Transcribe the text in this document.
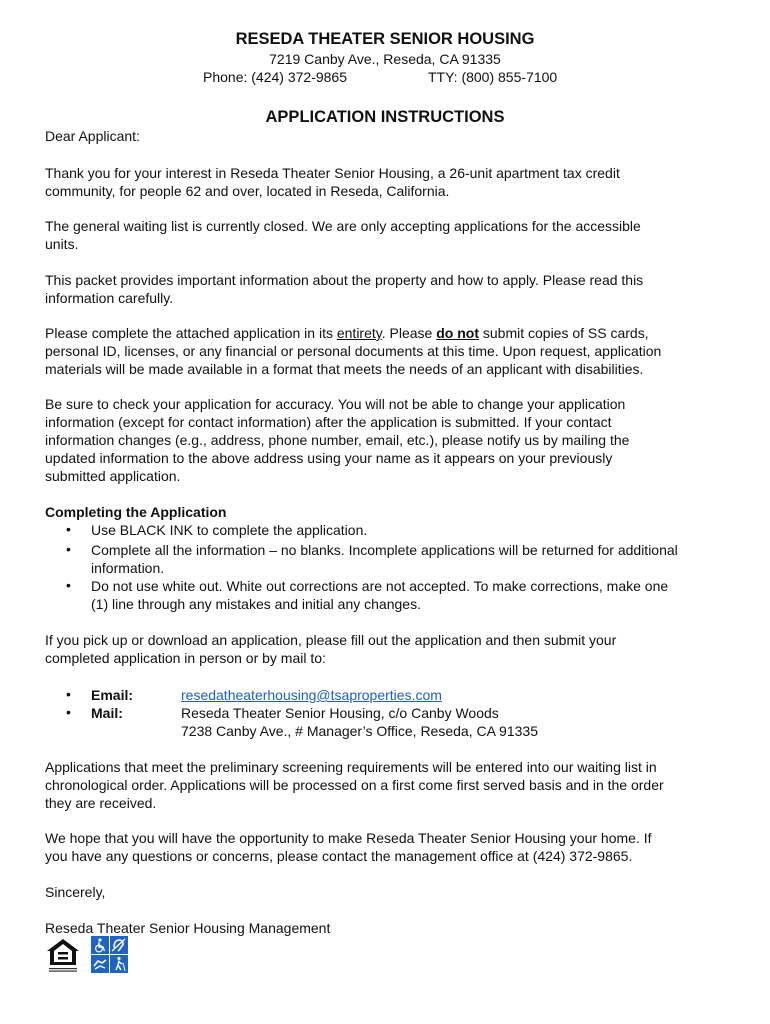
RESEDA THEATER SENIOR HOUSING
7219 Canby Ave., Reseda, CA 91335
Phone: (424) 372-9865	TTY: (800) 855-7100
APPLICATION INSTRUCTIONS
Dear Applicant:
Thank you for your interest in Reseda Theater Senior Housing, a 26-unit apartment tax credit
community, for people 62 and over, located in Reseda, California.
The general waiting list is currently closed. We are only accepting applications for the accessible
units.
This packet provides important information about the property and how to apply. Please read this
information carefully.
Please complete the attached application in its entirety. Please do not submit copies of SS cards,
personal ID, licenses, or any financial or personal documents at this time. Upon request, application
materials will be made available in a format that meets the needs of an applicant with disabilities.
Be sure to check your application for accuracy. You will not be able to change your application
information (except for contact information) after the application is submitted. If your contact
information changes (e.g., address, phone number, email, etc.), please notify us by mailing the
updated information to the above address using your name as it appears on your previously
submitted application.
Completing the Application
• Use BLACK INK to complete the application.
• Complete all the information – no blanks. Incomplete applications will be returned for additional
information.
• Do not use white out. White out corrections are not accepted. To make corrections, make one
(1) line through any mistakes and initial any changes.
If you pick up or download an application, please fill out the application and then submit your
completed application in person or by mail to:
• Email:	resedatheaterhousing@tsaproperties.com
• Mail:	Reseda Theater Senior Housing, c/o Canby Woods
7238 Canby Ave., # Manager’s Office, Reseda, CA 91335
Applications that meet the preliminary screening requirements will be entered into our waiting list in
chronological order. Applications will be processed on a first come first served basis and in the order
they are received.
We hope that you will have the opportunity to make Reseda Theater Senior Housing your home. If
you have any questions or concerns, please contact the management office at (424) 372-9865.
Sincerely,
Reseda Theater Senior Housing Management
